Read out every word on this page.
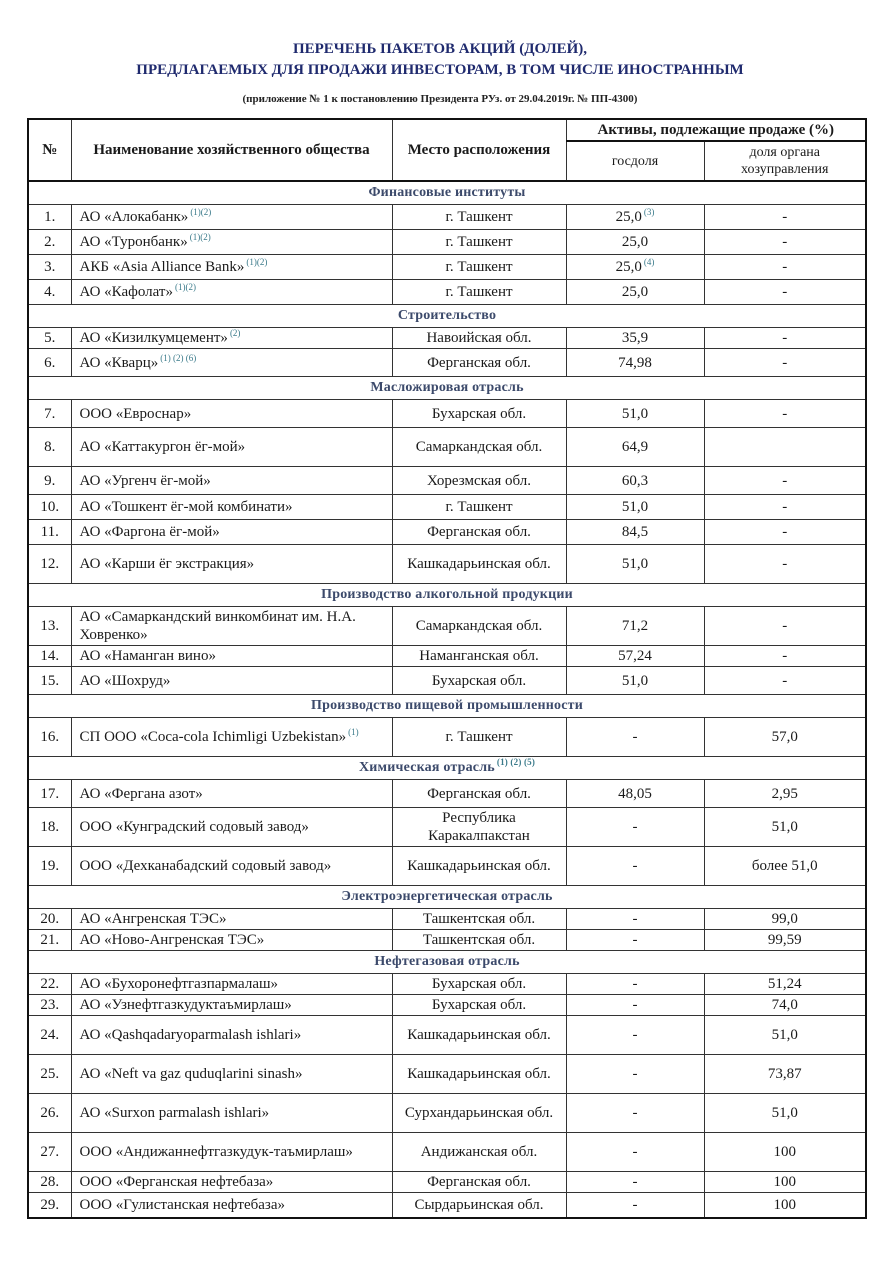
ПЕРЕЧЕНЬ ПАКЕТОВ АКЦИЙ (ДОЛЕЙ),
ПРЕДЛАГАЕМЫХ ДЛЯ ПРОДАЖИ ИНВЕСТОРАМ, В ТОМ ЧИСЛЕ ИНОСТРАННЫМ
(приложение № 1 к постановлению Президента РУз. от 29.04.2019г. № ПП-4300)
№	Наименование хозяйственного общества	Место расположения	Активы, подлежащие продаже (%)	
			госдоля	доля органа хозуправления
Финансовые институты				
1.	АО «Алокабанк» $^{(1)(2)}$	г. Ташкент	25,0 $^{(3)}$	-
2.	АО «Туронбанк» $^{(1)(2)}$	г. Ташкент	25,0	-
3.	АКБ «Asia Alliance Bank» $^{(1)(2)}$	г. Ташкент	25,0 $^{(4)}$	-
4.	АО «Кафолат» $^{(1)(2)}$	г. Ташкент	25,0	-
Строительство				
5.	АО «Кизилкумцемент» $^{(2)}$	Навоийская обл.	35,9	-
6.	АО «Кварц» $^{(1) (2) (6)}$	Ферганская обл.	74,98	-
Масложировая отрасль				
7.	ООО «Евроснар»	Бухарская обл.	51,0	-
8.	АО «Каттакургон ёг-мой»	Самаркандская обл.	64,9	
9.	АО «Ургенч ёг-мой»	Хорезмская обл.	60,3	-
10.	АО «Тошкент ёг-мой комбинати»	г. Ташкент	51,0	-
11.	АО «Фаргона ёг-мой»	Ферганская обл.	84,5	-
12.	АО «Карши ёг экстракция»	Кашкадарьинская обл.	51,0	-
Производство алкогольной продукции				
13.	АО «Самаркандский винкомбинат им. Н.А. Ховренко»	Самаркандская обл.	71,2	-
14.	АО «Наманган вино»	Наманганская обл.	57,24	-
15.	АО «Шохруд»	Бухарская обл.	51,0	-
Производство пищевой промышленности				
16.	СП ООО «Coca-cola Ichimligi Uzbekistan» $^{(1)}$	г. Ташкент	-	57,0
Химическая отрасль $^{(1) (2) (5)}$
17.	АО «Фергана азот»	Ферганская обл.	48,05	2,95
18.	ООО «Кунградский содовый завод»	Республика Каракалпакстан	-	51,0
19.	ООО «Дехканабадский содовый завод»	Кашкадарьинская обл.	-	более 51,0
Электроэнергетическая отрасль				
20.	АО «Ангренская ТЭС»	Ташкентская обл.	-	99,0
21.	АО «Ново-Ангренская ТЭС»	Ташкентская обл.	-	99,59
Нефтегазовая отрасль				
22.	АО «Бухоронефтгазпармалаш»	Бухарская обл.	-	51,24
23.	АО «Узнефтгазкудуктаъмирлаш»	Бухарская обл.	-	74,0
24.	АО «Qashqadaryoparmalash ishlari»	Кашкадарьинская обл.	-	51,0
25.	АО «Neft va gaz quduqlarini sinash»	Кашкадарьинская обл.	-	73,87
26.	АО «Surxon parmalash ishlari»	Сурхандарьинская обл.	-	51,0
27.	ООО «Андижаннефтгазкудук-таъмирлаш»	Андижанская обл.	-	100
28.	ООО «Ферганская нефтебаза»	Ферганская обл.	-	100
29.	ООО «Гулистанская нефтебаза»	Сырдарьинская обл.	-	100
